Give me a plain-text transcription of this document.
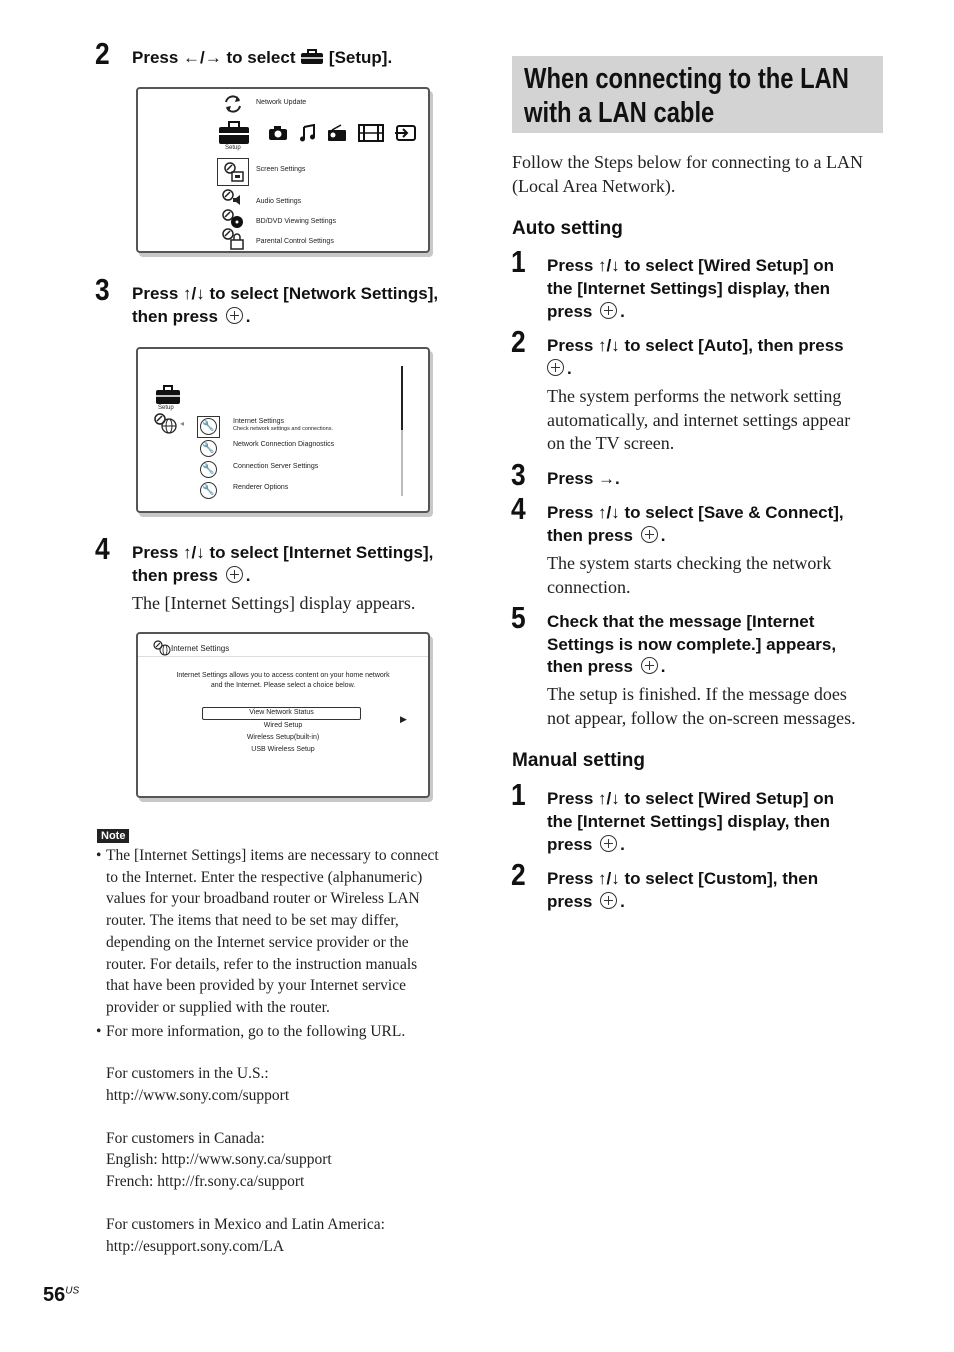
2 Press ←/→ to select  [Setup].
Network Update
Setup
Screen Settings
Audio Settings
BD/DVD Viewing Settings
Parental Control Settings
3 Press ↑/↓ to select [Network Settings],
then press .
Setup
◂ 🔧	Internet Settings
Check network settings and connections.
🔧	Network Connection Diagnostics
🔧	Connection Server Settings
🔧	Renderer Options
4 Press ↑/↓ to select [Internet Settings],
then press .
The [Internet Settings] display appears.
Internet Settings
Internet Settings allows you to access content on your home network
and the Internet. Please select a choice below.
View Network Status
Wired Setup
Wireless Setup(built-in)
USB Wireless Setup
▶
Note
• The [Internet Settings] items are necessary to connect
to the Internet. Enter the respective (alphanumeric)
values for your broadband router or Wireless LAN
router. The items that need to be set may differ,
depending on the Internet service provider or the
router. For details, refer to the instruction manuals
that have been provided by your Internet service
provider or supplied with the router.
• For more information, go to the following URL.
For customers in the U.S.:
http://www.sony.com/support
For customers in Canada:
English: http://www.sony.ca/support
French: http://fr.sony.ca/support
For customers in Mexico and Latin America:
http://esupport.sony.com/LA
$56^{US}$
When connecting to the LAN
with a LAN cable
Follow the Steps below for connecting to a LAN
(Local Area Network).
Auto setting
1 Press ↑/↓ to select [Wired Setup] on
the [Internet Settings] display, then
press .
2 Press ↑/↓ to select [Auto], then press
.
The system performs the network setting
automatically, and internet settings appear
on the TV screen.
3 Press →.
4 Press ↑/↓ to select [Save & Connect],
then press .
The system starts checking the network
connection.
5 Check that the message [Internet
Settings is now complete.] appears,
then press .
The setup is finished. If the message does
not appear, follow the on-screen messages.
Manual setting
1 Press ↑/↓ to select [Wired Setup] on
the [Internet Settings] display, then
press .
2 Press ↑/↓ to select [Custom], then
press .
